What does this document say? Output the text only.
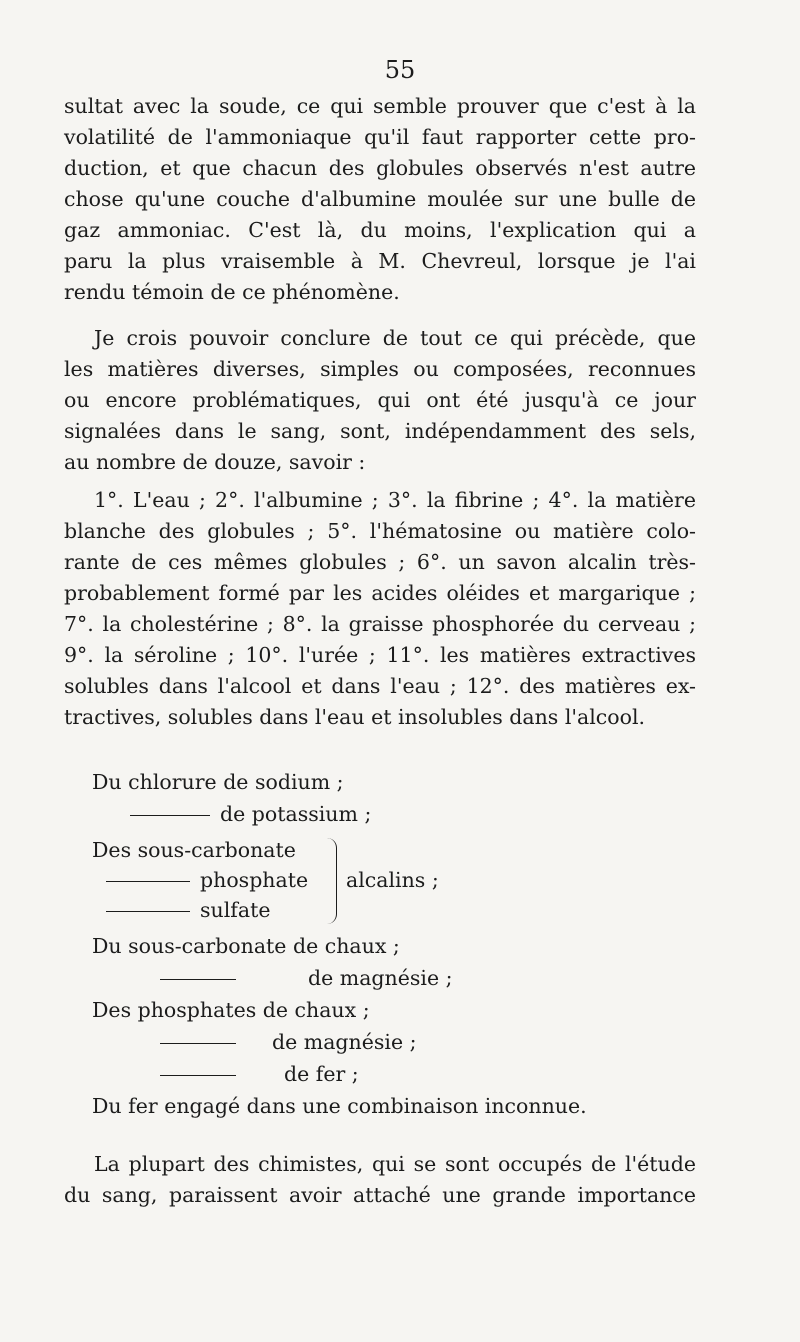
55
sultat avec la soude, ce qui semble prouver que c'est à la
volatilité de l'ammoniaque qu'il faut rapporter cette pro-
duction, et que chacun des globules observés n'est autre
chose qu'une couche d'albumine moulée sur une bulle de
gaz ammoniac. C'est là, du moins, l'explication qui a
paru la plus vraisemble à M. Chevreul, lorsque je l'ai
rendu témoin de ce phénomène.
Je crois pouvoir conclure de tout ce qui précède, que
les matières diverses, simples ou composées, reconnues
ou encore problématiques, qui ont été jusqu'à ce jour
signalées dans le sang, sont, indépendamment des sels,
au nombre de douze, savoir :
1°. L'eau ; 2°. l'albumine ; 3°. la fibrine ; 4°. la matière
blanche des globules ; 5°. l'hématosine ou matière colo-
rante de ces mêmes globules ; 6°. un savon alcalin très-
probablement formé par les acides oléides et margarique ;
7°. la cholestérine ; 8°. la graisse phosphorée du cerveau ;
9°. la séroline ; 10°. l'urée ; 11°. les matières extractives
solubles dans l'alcool et dans l'eau ; 12°. des matières ex-
tractives, solubles dans l'eau et insolubles dans l'alcool.
Du chlorure de sodium ;
de potassium ;
Des sous-carbonate
phosphate
sulfate
alcalins ;
Du sous-carbonate de chaux ;
de magnésie ;
Des phosphates de chaux ;
de magnésie ;
de fer ;
Du fer engagé dans une combinaison inconnue.
La plupart des chimistes, qui se sont occupés de l'étude
du sang, paraissent avoir attaché une grande importance
